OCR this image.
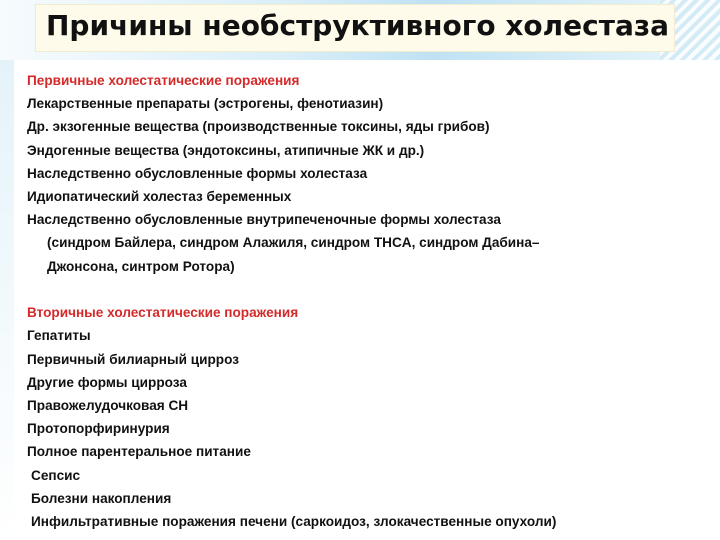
Причины необструктивного холестаза
Первичные холестатические поражения
Лекарственные препараты (эстрогены, фенотиазин)
Др. экзогенные вещества (производственные токсины, яды грибов)
Эндогенные вещества (эндотоксины, атипичные ЖК и др.)
Наследственно обусловленные формы холестаза
Идиопатический холестаз беременных
Наследственно обусловленные внутрипеченочные формы холестаза
(синдром Байлера, синдром Алажиля, синдром THCA, синдром Дабина–
Джонсона, синтром Ротора)
Вторичные холестатические поражения
Гепатиты
Первичный билиарный цирроз
Другие формы цирроза
Правожелудочковая СН
Протопорфиринурия
Полное парентеральное питание
Сепсис
Болезни накопления
Инфильтративные поражения печени (саркоидоз, злокачественные опухоли)
